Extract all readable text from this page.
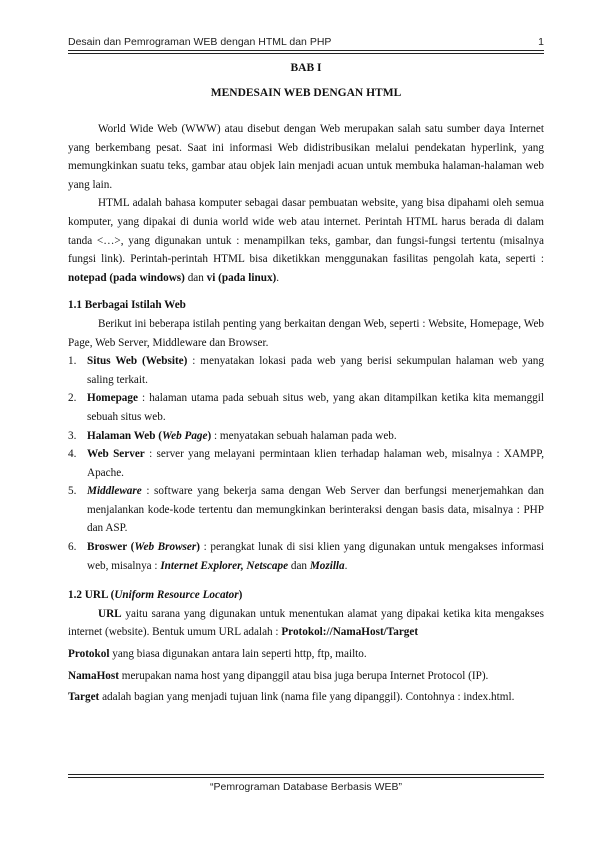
Desain dan Pemrograman WEB dengan HTML dan PHP	1
BAB I
MENDESAIN WEB DENGAN HTML

World Wide Web (WWW) atau disebut dengan Web merupakan salah satu sumber daya Internet yang berkembang pesat. Saat ini informasi Web didistribusikan melalui pendekatan hyperlink, yang memungkinkan suatu teks, gambar atau objek lain menjadi acuan untuk membuka halaman-halaman web yang lain.

HTML adalah bahasa komputer sebagai dasar pembuatan website, yang bisa dipahami oleh semua komputer, yang dipakai di dunia world wide web atau internet. Perintah HTML harus berada di dalam tanda <…>, yang digunakan untuk : menampilkan teks, gambar, dan fungsi-fungsi tertentu (misalnya fungsi link). Perintah-perintah HTML bisa diketikkan menggunakan fasilitas pengolah kata, seperti : notepad (pada windows) dan vi (pada linux).

1.1 Berbagai Istilah Web

Berikut ini beberapa istilah penting yang berkaitan dengan Web, seperti : Website, Homepage, Web Page, Web Server, Middleware dan Browser.

1. Situs Web (Website) : menyatakan lokasi pada web yang berisi sekumpulan halaman web yang saling terkait.
2. Homepage : halaman utama pada sebuah situs web, yang akan ditampilkan ketika kita memanggil sebuah situs web.
3. Halaman Web (Web Page) : menyatakan sebuah halaman pada web.
4. Web Server : server yang melayani permintaan klien terhadap halaman web, misalnya : XAMPP, Apache.
5. Middleware : software yang bekerja sama dengan Web Server dan berfungsi menerjemahkan dan menjalankan kode-kode tertentu dan memungkinkan berinteraksi dengan basis data, misalnya : PHP dan ASP.
6. Broswer (Web Browser) : perangkat lunak di sisi klien yang digunakan untuk mengakses informasi web, misalnya : Internet Explorer, Netscape dan Mozilla.
1.2 URL (Uniform Resource Locator)

URL yaitu sarana yang digunakan untuk menentukan alamat yang dipakai ketika kita mengakses internet (website). Bentuk umum URL adalah : Protokol://NamaHost/Target

Protokol yang biasa digunakan antara lain seperti http, ftp, mailto.

NamaHost merupakan nama host yang dipanggil atau bisa juga berupa Internet Protocol (IP).

Target adalah bagian yang menjadi tujuan link (nama file yang dipanggil). Contohnya : index.html.

“Pemrograman Database Berbasis WEB”
